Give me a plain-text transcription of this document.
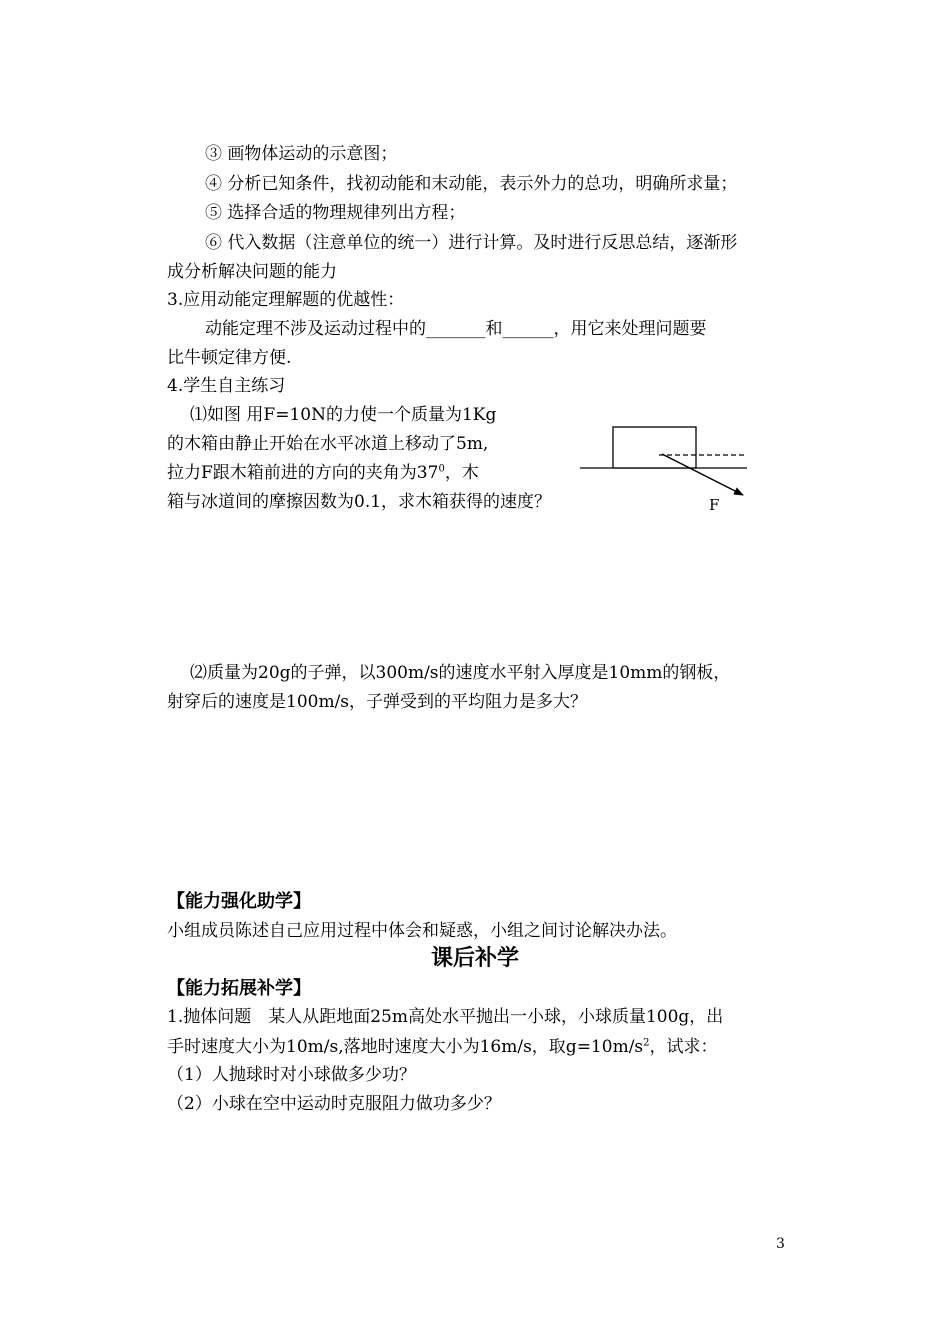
③ 画物体运动的示意图；
④ 分析已知条件，找初动能和末动能，表示外力的总功，明确所求量；
⑤ 选择合适的物理规律列出方程；
⑥ 代入数据（注意单位的统一）进行计算。及时进行反思总结，逐渐形
成分析解决问题的能力
3.应用动能定理解题的优越性：
动能定理不涉及运动过程中的_______和______，用它来处理问题要
比牛顿定律方便.
4.学生自主练习
⑴如图 用F=10N的力使一个质量为1Kg
的木箱由静止开始在水平冰道上移动了5m,
拉力F跟木箱前进的方向的夹角为$37^0$，木
箱与冰道间的摩擦因数为0.1，求木箱获得的速度？	F
⑵质量为20g的子弹，以300m/s的速度水平射入厚度是10mm的钢板，
射穿后的速度是100m/s，子弹受到的平均阻力是多大？
【能力强化助学】
小组成员陈述自己应用过程中体会和疑惑，小组之间讨论解决办法。
课后补学
【能力拓展补学】
1.抛体问题　某人从距地面25m高处水平抛出一小球，小球质量100g，出
手时速度大小为10m/s,落地时速度大小为16m/s，取$g=10m/s^2$，试求：
（1）人抛球时对小球做多少功？
（2）小球在空中运动时克服阻力做功多少？
3
